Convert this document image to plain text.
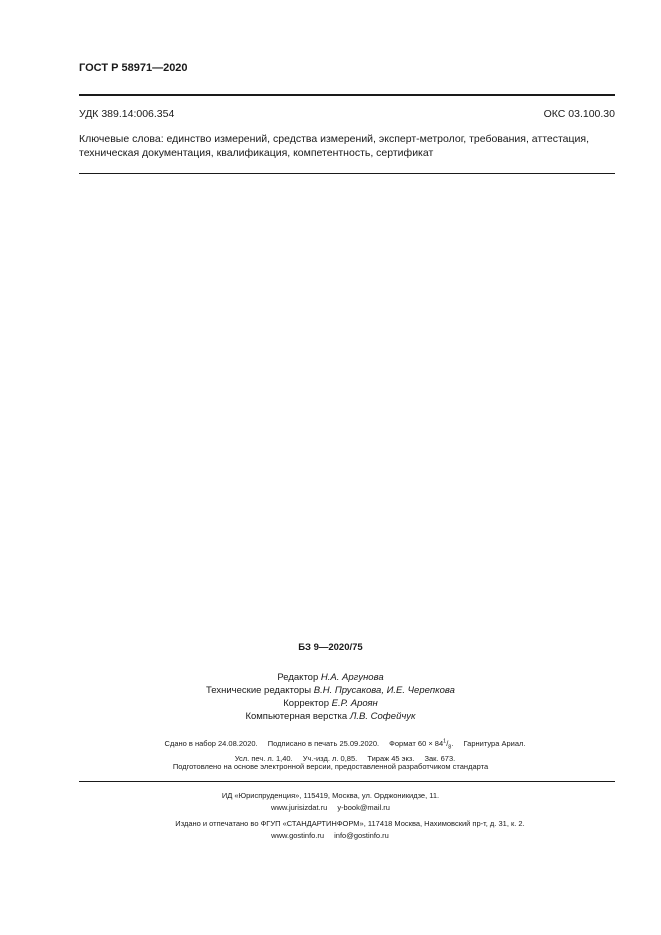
ГОСТ Р 58971—2020
УДК 389.14:006.354	ОКС 03.100.30
Ключевые слова: единство измерений, средства измерений, эксперт-метролог, требования, аттестация,
техническая документация, квалификация, компетентность, сертификат
БЗ 9—2020/75
Редактор Н.А. Аргунова
Технические редакторы В.Н. Прусакова, И.Е. Черепкова
Корректор Е.Р. Ароян
Компьютерная верстка Л.В. Софейчук
Сдано в набор 24.08.2020. Подписано в печать 25.09.2020. Формат $60 \times 84^1/_8$. Гарнитура Ариал.
Усл. печ. л. 1,40. Уч.-изд. л. 0,85. Тираж 45 экз. Зак. 673.
Подготовлено на основе электронной версии, предоставленной разработчиком стандарта
ИД «Юриспруденция», 115419, Москва, ул. Орджоникидзе, 11.
www.jurisizdat.ru y-book@mail.ru
Издано и отпечатано во ФГУП «СТАНДАРТИНФОРМ», 117418 Москва, Нахимовский пр-т, д. 31, к. 2.
www.gostinfo.ru info@gostinfo.ru
